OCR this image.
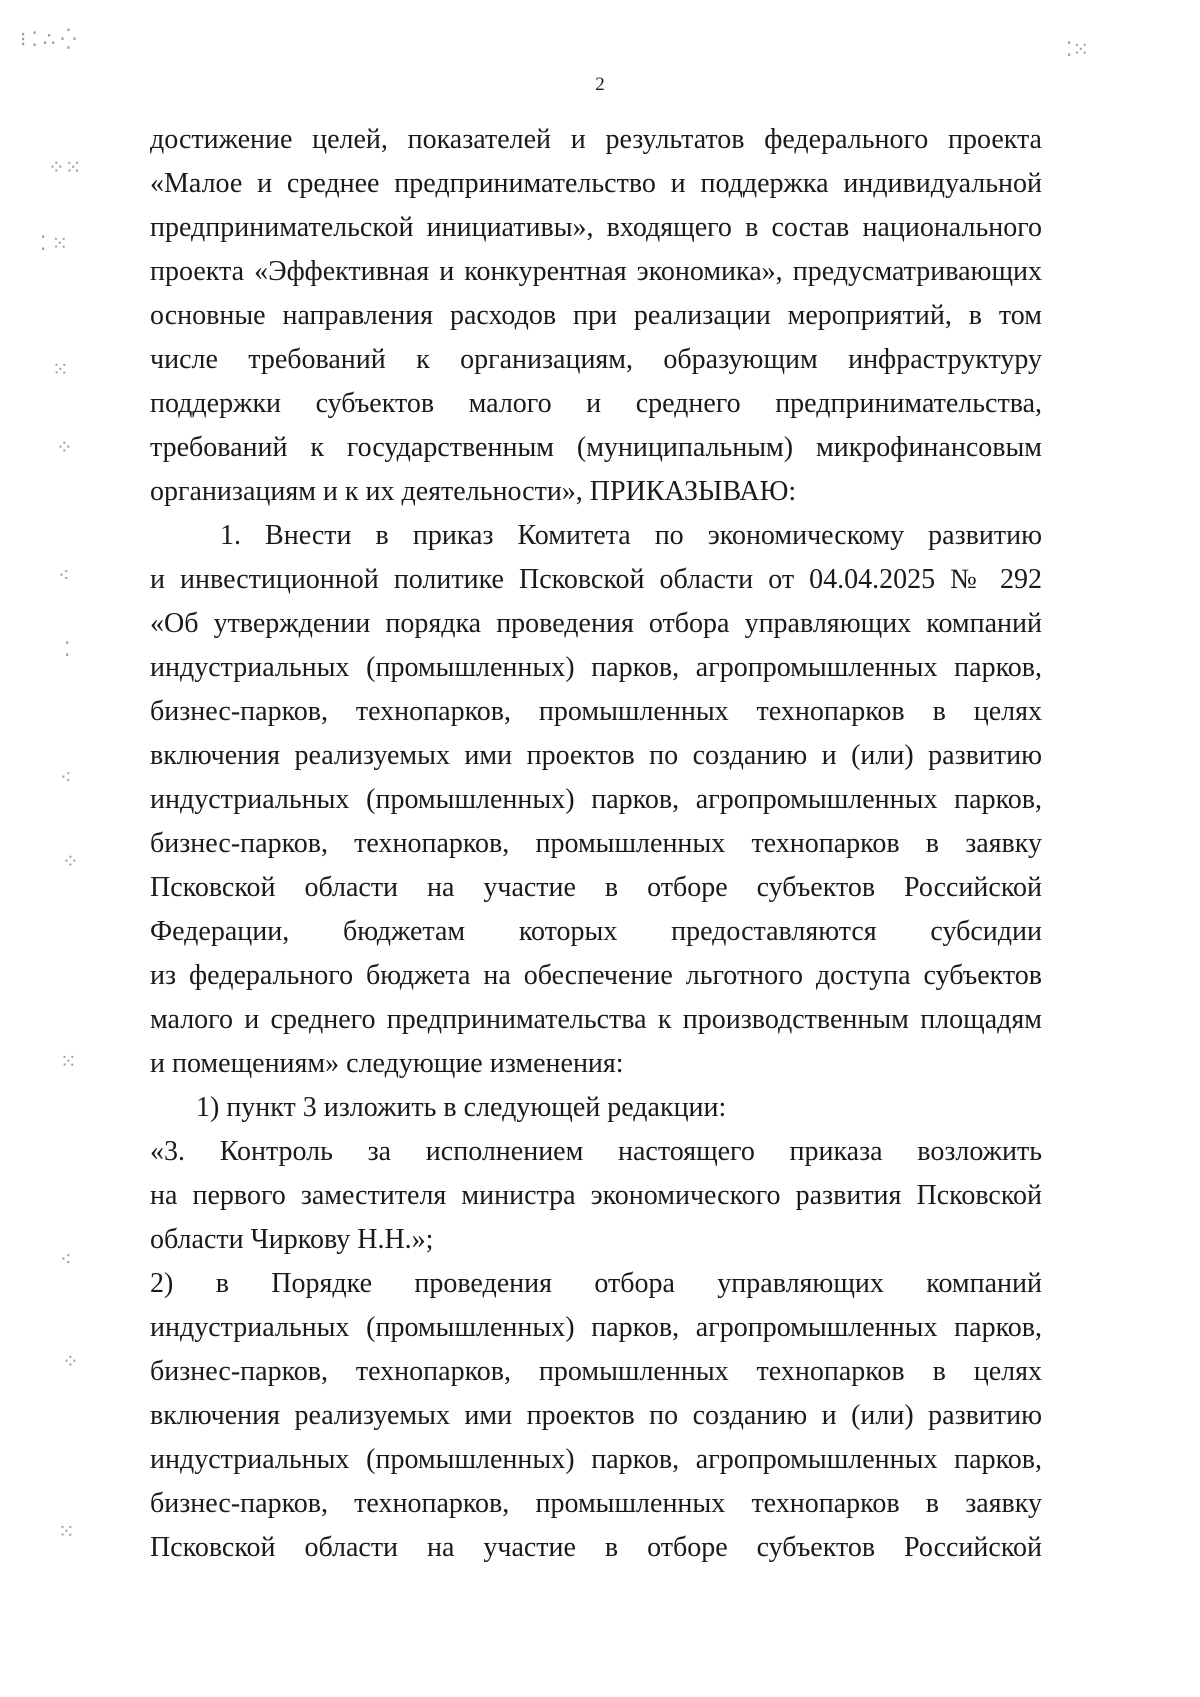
2
⁝ ⁚ ∴ ⁛
⁘⁙
⁚ ⁙
⁙
⁘
⁖
⁚
⁖
⁘
⁙
⁖
⁘
⁙
⁚⁙
достижение целей, показателей и результатов федерального проекта
«Малое и среднее предпринимательство и поддержка индивидуальной
предпринимательской инициативы», входящего в состав национального
проекта «Эффективная и конкурентная экономика», предусматривающих
основные направления расходов при реализации мероприятий, в том
числе требований к организациям, образующим инфраструктуру
поддержки субъектов малого и среднего предпринимательства,
требований к государственным (муниципальным) микрофинансовым
организациям и к их деятельности», ПРИКАЗЫВАЮ:
1. Внести в приказ Комитета по экономическому развитию
и инвестиционной политике Псковской области от 04.04.2025 № 292
«Об утверждении порядка проведения отбора управляющих компаний
индустриальных (промышленных) парков, агропромышленных парков,
бизнес-парков, технопарков, промышленных технопарков в целях
включения реализуемых ими проектов по созданию и (или) развитию
индустриальных (промышленных) парков, агропромышленных парков,
бизнес-парков, технопарков, промышленных технопарков в заявку
Псковской области на участие в отборе субъектов Российской
Федерации, бюджетам которых предоставляются субсидии
из федерального бюджета на обеспечение льготного доступа субъектов
малого и среднего предпринимательства к производственным площадям
и помещениям» следующие изменения:
1) пункт 3 изложить в следующей редакции:
«3. Контроль за исполнением настоящего приказа возложить
на первого заместителя министра экономического развития Псковской
области Чиркову Н.Н.»;
2) в Порядке проведения отбора управляющих компаний
индустриальных (промышленных) парков, агропромышленных парков,
бизнес-парков, технопарков, промышленных технопарков в целях
включения реализуемых ими проектов по созданию и (или) развитию
индустриальных (промышленных) парков, агропромышленных парков,
бизнес-парков, технопарков, промышленных технопарков в заявку
Псковской области на участие в отборе субъектов Российской
